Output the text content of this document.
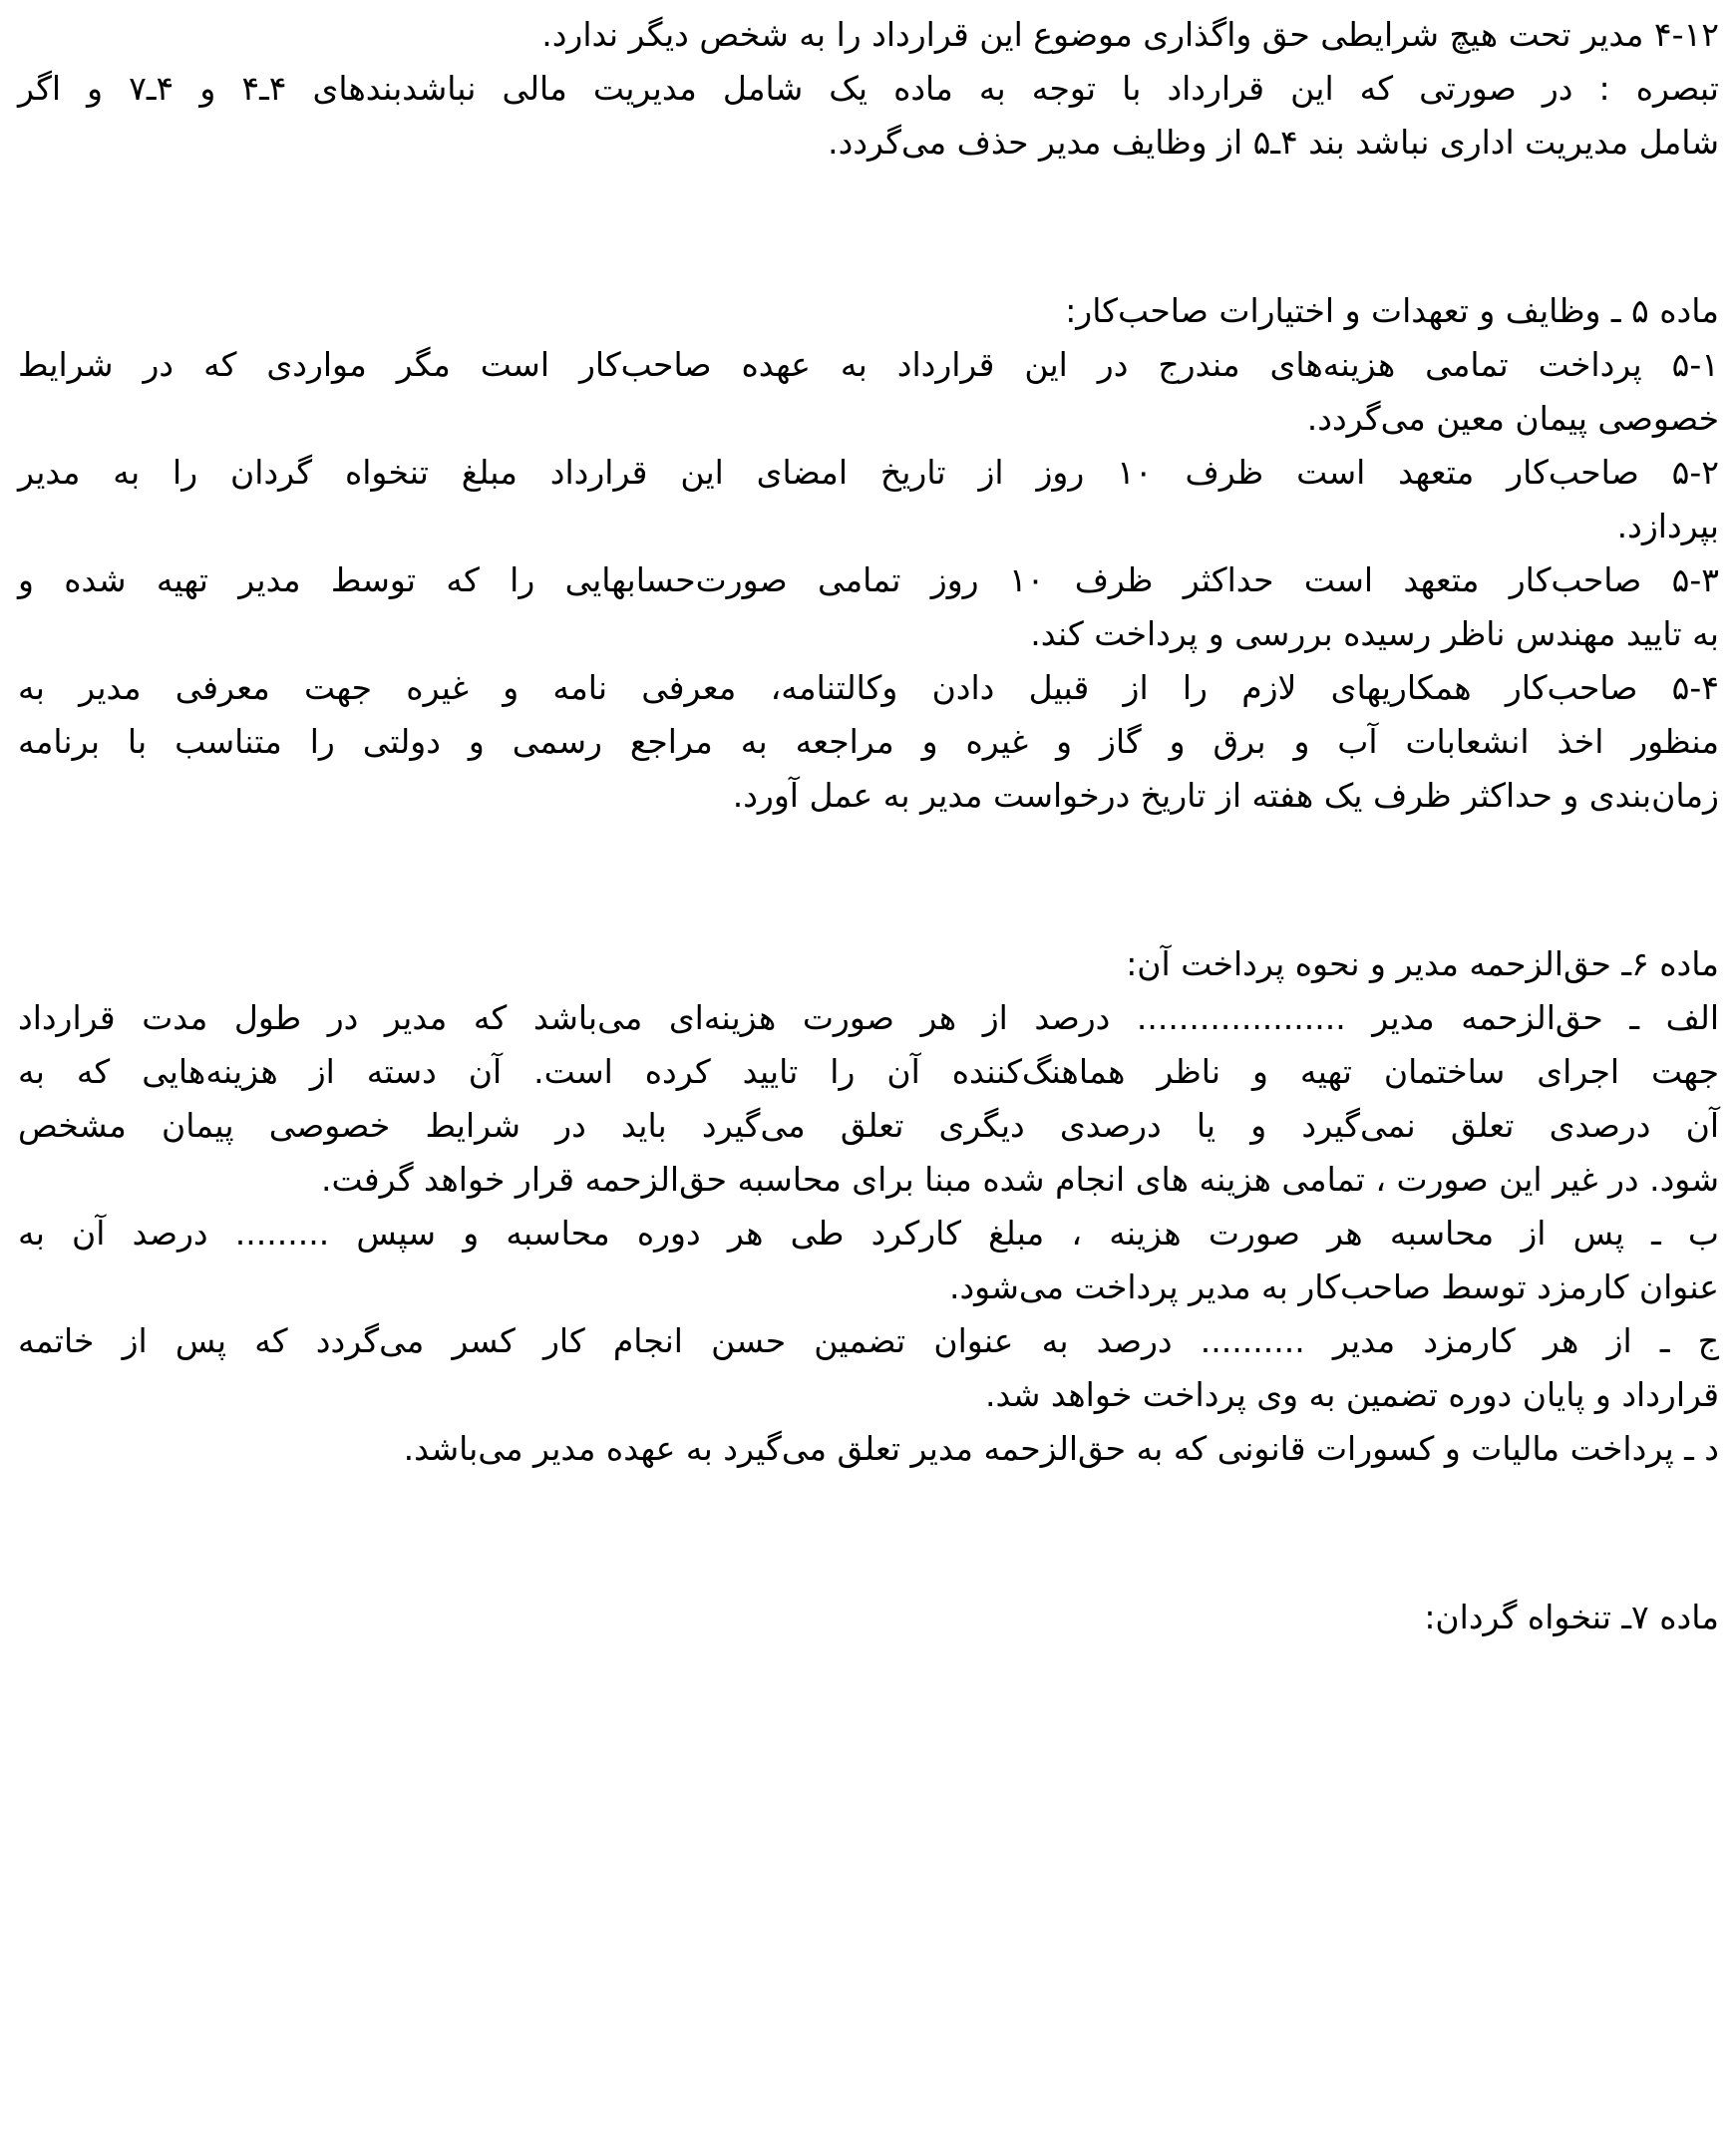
۴-۱۲ مدیر تحت هیچ شرایطی حق واگذاری موضوع این قرارداد را به شخص دیگر ندارد.
تبصره : در صورتی که این قرارداد با توجه به ماده یک شامل مدیریت مالی نباشدبندهای ۴ـ۴ و ۴ـ۷ و اگر
شامل مدیریت اداری نباشد بند ۴ـ۵ از وظایف مدیر حذف می‌گردد.
ماده ۵ ـ وظایف و تعهدات و اختیارات صاحب‌کار:
۵-۱ پرداخت تمامی هزینه‌های مندرج در این قرارداد به عهده صاحب‌کار است مگر مواردی که در شرایط
خصوصی پیمان معین می‌گردد.
۵-۲ صاحب‌کار متعهد است ظرف ۱۰ روز از تاریخ امضای این قرارداد مبلغ تنخواه گردان را به مدیر
بپردازد.
۵-۳ صاحب‌کار متعهد است حداکثر ظرف ۱۰ روز تمامی صورت‌حسابهایی را که توسط مدیر تهیه شده و
به تایید مهندس ناظر رسیده بررسی و پرداخت کند.
۵-۴ صاحب‌کار همکاریهای لازم را از قبیل دادن وکالتنامه، معرفی نامه و غیره جهت معرفی مدیر به
منظور اخذ انشعابات آب و برق و گاز و غیره و مراجعه به مراجع رسمی و دولتی را متناسب با برنامه
زمان‌بندی و حداکثر ظرف یک هفته از تاریخ درخواست مدیر به عمل آورد.
ماده ۶ـ حق‌الزحمه مدیر و نحوه پرداخت آن:
الف ـ حق‌الزحمه مدیر .................... درصد از هر صورت هزینه‌ای می‌باشد که مدیر در طول مدت قرارداد
جهت اجرای ساختمان تهیه و ناظر هماهنگ‌کننده آن را تایید کرده است. آن دسته از هزینه‌هایی که به
آن درصدی تعلق نمی‌گیرد و یا درصدی دیگری تعلق می‌گیرد باید در شرایط خصوصی پیمان مشخص
شود. در غیر این صورت ، تمامی هزینه های انجام شده مبنا برای محاسبه حق‌الزحمه قرار خواهد گرفت.
ب ـ پس از محاسبه هر صورت هزینه ، مبلغ کارکرد طی هر دوره محاسبه و سپس ......... درصد آن به
عنوان کارمزد توسط صاحب‌کار به مدیر پرداخت می‌شود.
ج ـ از هر کارمزد مدیر .......... درصد به عنوان تضمین حسن انجام کار کسر می‌گردد که پس از خاتمه
قرارداد و پایان دوره تضمین به وی پرداخت خواهد شد.
د ـ پرداخت مالیات و کسورات قانونی که به حق‌الزحمه مدیر تعلق می‌گیرد به عهده مدیر می‌باشد.
ماده ۷ـ تنخواه گردان:
